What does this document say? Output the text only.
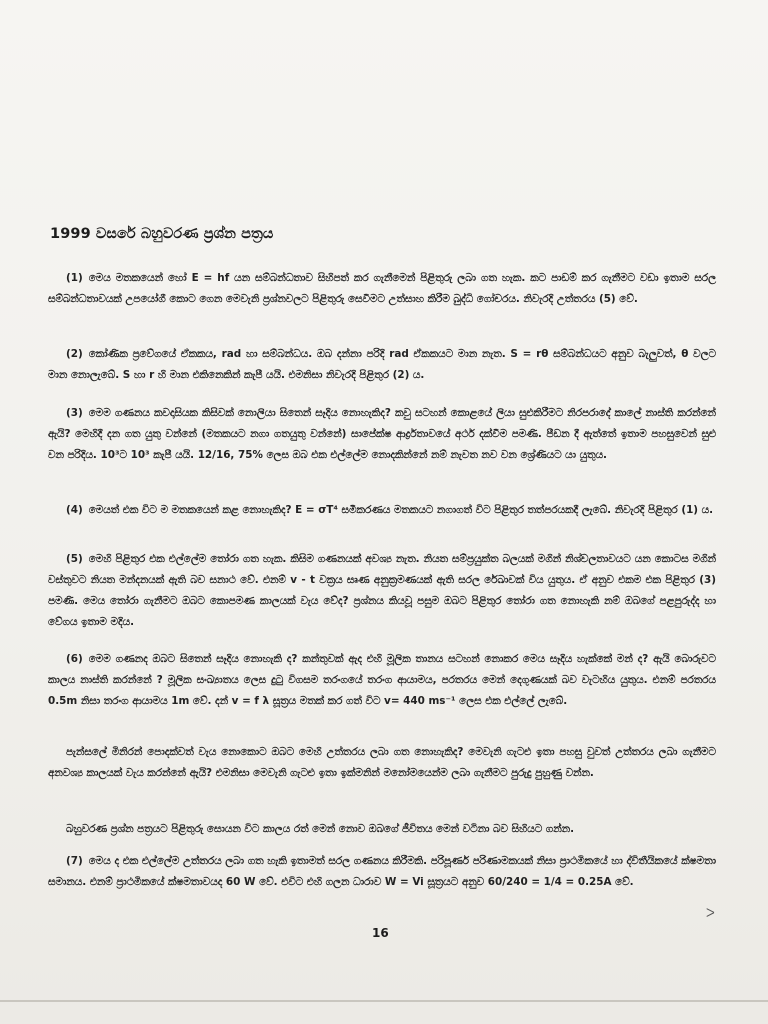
1999 වසරේ බහුවරණ ප්‍රශ්න පත්‍රය
(1) මෙය මතකයෙන් හෝ E = hf යන සම්බන්ධතාව සිහිපත් කර ගැනීමෙන් පිළිතුරු ලබා ගත හැක. කට පාඩම් කර ගැනීමට වඩා ඉතාම සරල සම්බන්ධතාවයක් උපයෝගී කොට ගෙන මෙවැනි ප්‍රශ්නවලට පිළිතුරු සෙවීමට උත්සාහ කිරීම බුද්ධි ගෝචරය. නිවැරදි උත්තරය (5) වේ.
(2) කෝණික ප්‍රවේගයේ ඒකකය, rad හා සම්බන්ධය. ඔබ දන්නා පරිදි rad ඒකකයට මාන නැත. S = rθ සම්බන්ධයට අනුව බැලුවත්, θ වලට මාන නොලැබේ. S හා r හි මාන එකිනෙකින් කැපී යයි. එමනිසා නිවැරදි පිළිතුර (2) ය.
(3) මෙම ගණනය කවදාසියක කිසිවක් නොලියා සිතෙන් සෑදිය නොහැකිද? කවු සටහන් කොළයේ ලියා සුළුකිරීමට නිරපරාදේ කාලේ නාස්ති කරන්නේ ඇයි? මෙහිදී දන ගත යුතු වන්නේ (මතකයට නගා ගතයුතු වන්නේ) සාපේක්ෂ ආර්ද්‍රතාවයේ අර්ථ දක්වීම පමණි. පීඩන දී ඇත්තේ ඉතාම පහසුවෙන් සුළු වන පරිදිය. 10³ට 10³ කැපී යයි. 12/16, 75% ලෙස ඔබ එක එල්ලේම නොදකින්නේ නම් නැවත නව වන ශ්‍රේණියට යා යුතුය.
(4) මෙයත් එක විට ම මතකයෙන් කළ නොහැකිද? E = σT⁴ සමීකරණය මතකයට නගාගත් විට පිළිතුර තත්පරයකදී ලැබේ. නිවැරදි පිළිතුර (1) ය.
(5) මෙහි පිළිතුර එක එල්ලේම තෝරා ගත හැක. කිසිම ගණනයක් අවශ්‍ය නැත. නියත සම්ප්‍රයුක්ත බලයක් මගින් නිශ්චලතාවයට යන කොටස මගින් වස්තුවට නියත මන්දනයක් ඇති බව සනාථ වේ. එනම් v - t වක්‍රය සෘණ අනුක්‍රමණයක් ඇති සරල රේඛාවක් විය යුතුය. ඒ අනුව එකම එක පිළිතුර (3) පමණි. මෙය තෝරා ගැනීමට ඔබට කොපමණ කාලයක් වැය වේද? ප්‍රශ්නය කියවූ පසුම ඔබට පිළිතුර තෝරා ගත නොහැකි නම් ඔබගේ පළපුරුද්ද හා වේගය ඉතාම මදිය.
(6) මෙම ගණනද ඔබට සිතෙන් සෑදිය නොහැකි ද? කන්තුවක් ඇද එහි මූලික තානය සටහන් නොකර මෙය සෑදිය හැක්කේ මන් ද? ඇයි බොරුවට කාලය නාස්ති කරන්නේ ? මූලික සංඛ්‍යාතය ලෙස දුටු විගසම තරංගයේ තරංග ආයාමය, පරතරය මෙන් දෙගුණයක් බව වැටහිය යුතුය. එනම් පරතරය 0.5m නිසා තරංග ආයාමය 1m වේ. දන් v = f λ සූත්‍රය මතක් කර ගත් විට v= 440 ms⁻¹ ලෙස එක එල්ලේ ලැබේ.
පැන්සලේ මිනිරන් පොදක්වත් වැය නොකොට ඔබට මෙහි උත්තරය ලබා ගත නොහැකිද? මෙවැනි ගැටළු ඉතා පහසු වුවත් උත්තරය ලබා ගැනීමට අනවශ්‍ය කාලයක් වැය කරන්නේ ඇයි? එමනිසා මෙවැනි ගැටළු ඉතා ඉක්මනින් මනෝමයෙන්ම ලබා ගැනීමට පුරුදු පුහුණු වන්න.
බහුවරණ ප්‍රශ්න පත්‍රයට පිළිතුරු සොයන විට කාලය රත් මෙන් නොව ඔබගේ ජීවිතය මෙන් වටිනා බව සිහියට ගන්න.
(7) මෙය ද එක එල්ලේම උත්තරය ලබා ගත හැකි ඉතාමත් සරල ගණනය කිරීමකි. පරිපූර්ණ පරිණාමකයක් නිසා ප්‍රාථමිකයේ හා ද්විතීයිකයේ ක්ෂමතා සමානය. එනම් ප්‍රාථමිකයේ ක්ෂමතාවයද 60 W වේ. එවිට එහි ගලන ධාරාව W = Vi සූත්‍රයට අනුව 60/240 = 1/4 = 0.25A වේ.
ᐳ
16
